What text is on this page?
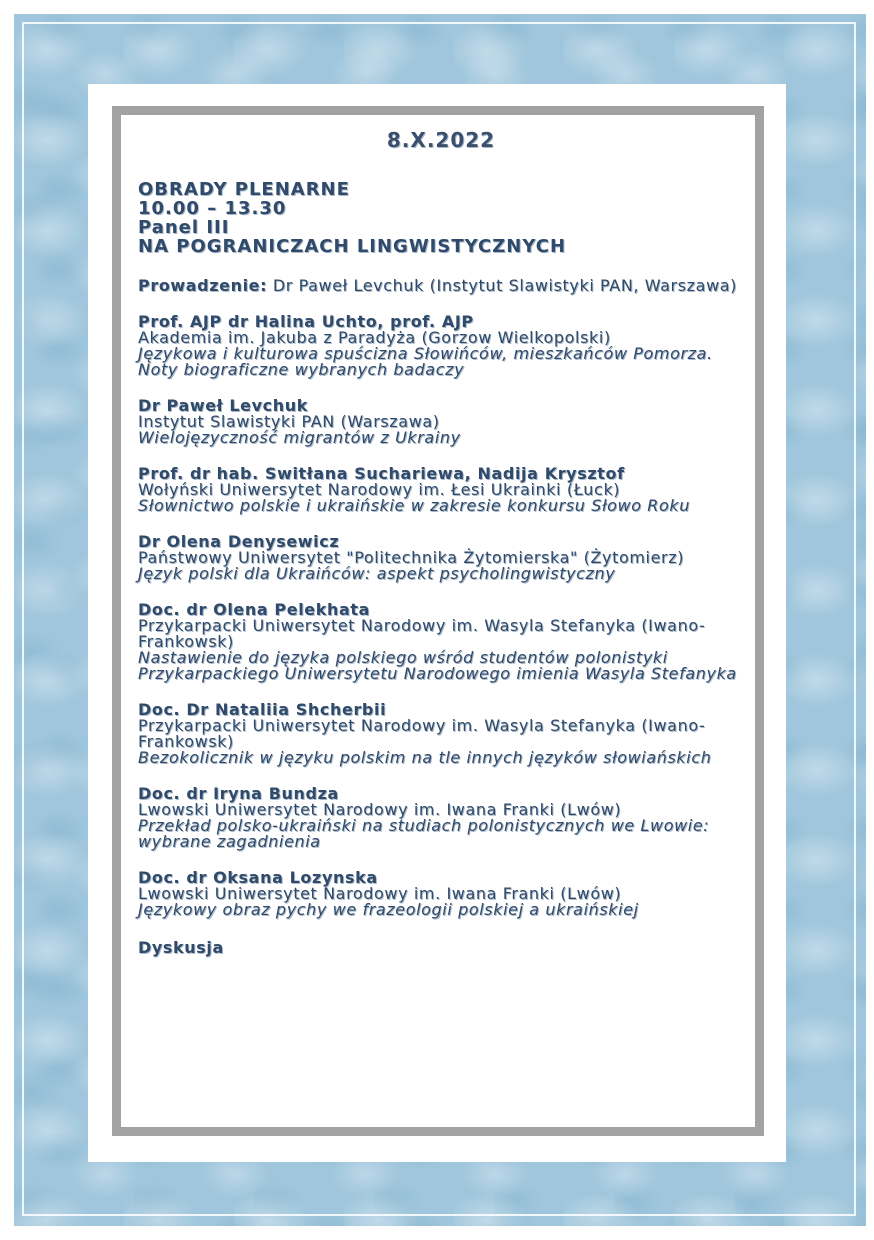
8.X.2022
OBRADY PLENARNE
10.00 – 13.30
Panel III
NA POGRANICZACH LINGWISTYCZNYCH
Prowadzenie: Dr Paweł Levchuk (Instytut Slawistyki PAN, Warszawa)
Prof. AJP dr Halina Uchto, prof. AJP
Akademia im. Jakuba z Paradyża (Gorzow Wielkopolski)
Językowa i kulturowa spuścizna Słowińców, mieszkańców Pomorza. Noty biograficzne wybranych badaczy
Dr Paweł Levchuk
Instytut Slawistyki PAN (Warszawa)
Wielojęzyczność migrantów z Ukrainy
Prof. dr hab. Switłana Suchariewa, Nadija Krysztof
Wołyński Uniwersytet Narodowy im. Łesi Ukrainki (Łuck)
Słownictwo polskie i ukraińskie w zakresie konkursu Słowo Roku
Dr Olena Denysewicz
Państwowy Uniwersytet "Politechnika Żytomierska" (Żytomierz)
Język polski dla Ukraińców: aspekt psycholingwistyczny
Doc. dr Olena Pelekhata
Przykarpacki Uniwersytet Narodowy im. Wasyla Stefanyka (Iwano-Frankowsk)
Nastawienie do języka polskiego wśród studentów polonistyki Przykarpackiego Uniwersytetu Narodowego imienia Wasyla Stefanyka
Doc. Dr Nataliia Shcherbii
Przykarpacki Uniwersytet Narodowy im. Wasyla Stefanyka (Iwano-Frankowsk)
Bezokolicznik w języku polskim na tle innych języków słowiańskich
Doc. dr Iryna Bundza
Lwowski Uniwersytet Narodowy im. Iwana Franki (Lwów)
Przekład polsko-ukraiński na studiach polonistycznych we Lwowie: wybrane zagadnienia
Doc. dr Oksana Lozynska
Lwowski Uniwersytet Narodowy im. Iwana Franki (Lwów)
Językowy obraz pychy we frazeologii polskiej a ukraińskiej
Dyskusja
